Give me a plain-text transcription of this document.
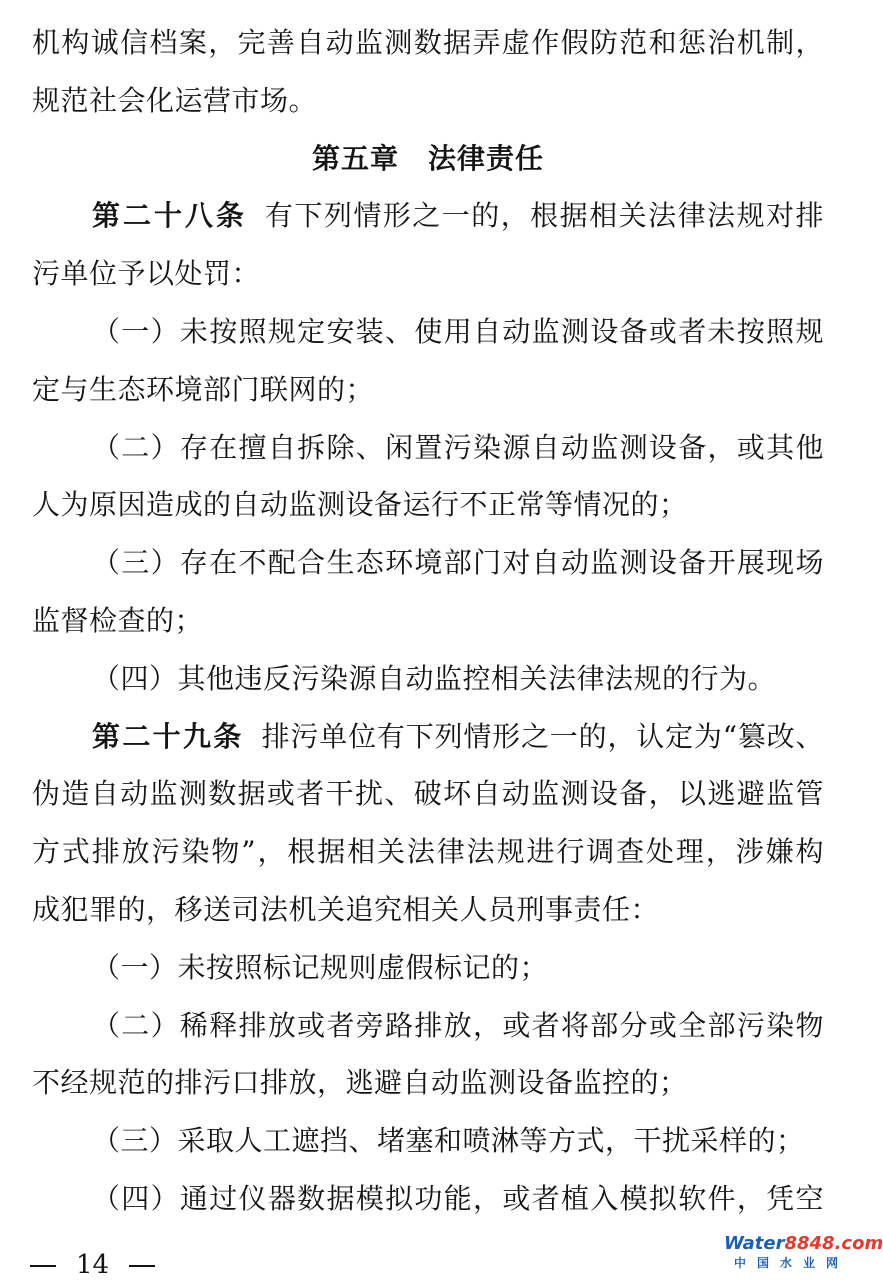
机构诚信档案，完善自动监测数据弄虚作假防范和惩治机制，
规范社会化运营市场。
第五章　法律责任
第二十八条 有下列情形之一的，根据相关法律法规对排
污单位予以处罚：
（一）未按照规定安装、使用自动监测设备或者未按照规
定与生态环境部门联网的；
（二）存在擅自拆除、闲置污染源自动监测设备，或其他
人为原因造成的自动监测设备运行不正常等情况的；
（三）存在不配合生态环境部门对自动监测设备开展现场
监督检查的；
（四）其他违反污染源自动监控相关法律法规的行为。
第二十九条 排污单位有下列情形之一的，认定为“篡改、
伪造自动监测数据或者干扰、破坏自动监测设备，以逃避监管
方式排放污染物”，根据相关法律法规进行调查处理，涉嫌构
成犯罪的，移送司法机关追究相关人员刑事责任：
（一）未按照标记规则虚假标记的；
（二）稀释排放或者旁路排放，或者将部分或全部污染物
不经规范的排污口排放，逃避自动监测设备监控的；
（三）采取人工遮挡、堵塞和喷淋等方式，干扰采样的；
（四）通过仪器数据模拟功能，或者植入模拟软件，凭空
14
Water8848.com
中国水业网
